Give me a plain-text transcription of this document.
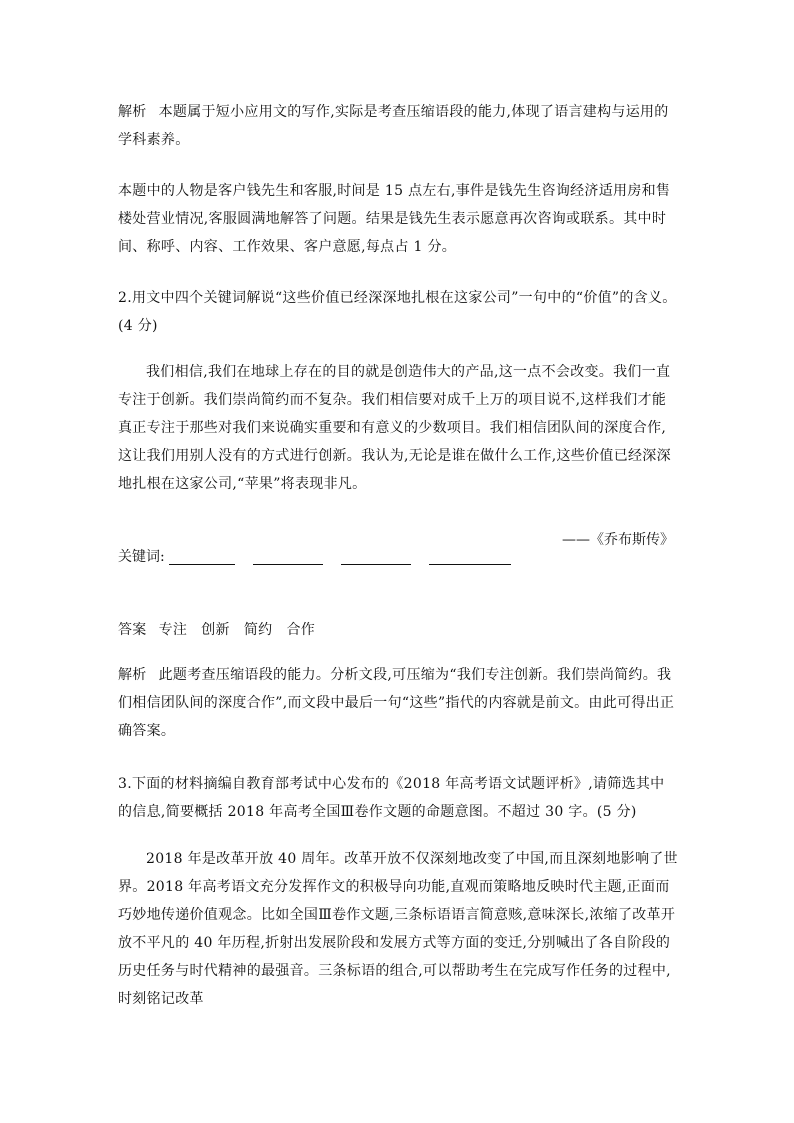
解析 本题属于短小应用文的写作,实际是考查压缩语段的能力,体现了语言建构与运用的学科素养。

本题中的人物是客户钱先生和客服,时间是 15 点左右,事件是钱先生咨询经济适用房和售楼处营业情况,客服圆满地解答了问题。结果是钱先生表示愿意再次咨询或联系。其中时间、称呼、内容、工作效果、客户意愿,每点占 1 分。

2.用文中四个关键词解说“这些价值已经深深地扎根在这家公司”一句中的“价值”的含义。(4 分)

我们相信,我们在地球上存在的目的就是创造伟大的产品,这一点不会改变。我们一直专注于创新。我们崇尚简约而不复杂。我们相信要对成千上万的项目说不,这样我们才能真正专注于那些对我们来说确实重要和有意义的少数项目。我们相信团队间的深度合作,这让我们用别人没有的方式进行创新。我认为,无论是谁在做什么工作,这些价值已经深深地扎根在这家公司,“苹果”将表现非凡。

——《乔布斯传》

关键词:

答案 专注 创新 简约 合作

解析 此题考查压缩语段的能力。分析文段,可压缩为“我们专注创新。我们崇尚简约。我们相信团队间的深度合作”,而文段中最后一句“这些”指代的内容就是前文。由此可得出正确答案。

3.下面的材料摘编自教育部考试中心发布的《2018 年高考语文试题评析》,请筛选其中的信息,简要概括 2018 年高考全国Ⅲ卷作文题的命题意图。不超过 30 字。(5 分)

2018 年是改革开放 40 周年。改革开放不仅深刻地改变了中国,而且深刻地影响了世界。2018 年高考语文充分发挥作文的积极导向功能,直观而策略地反映时代主题,正面而巧妙地传递价值观念。比如全国Ⅲ卷作文题,三条标语语言简意赅,意味深长,浓缩了改革开放不平凡的 40 年历程,折射出发展阶段和发展方式等方面的变迁,分别喊出了各自阶段的历史任务与时代精神的最强音。三条标语的组合,可以帮助考生在完成写作任务的过程中,时刻铭记改革
